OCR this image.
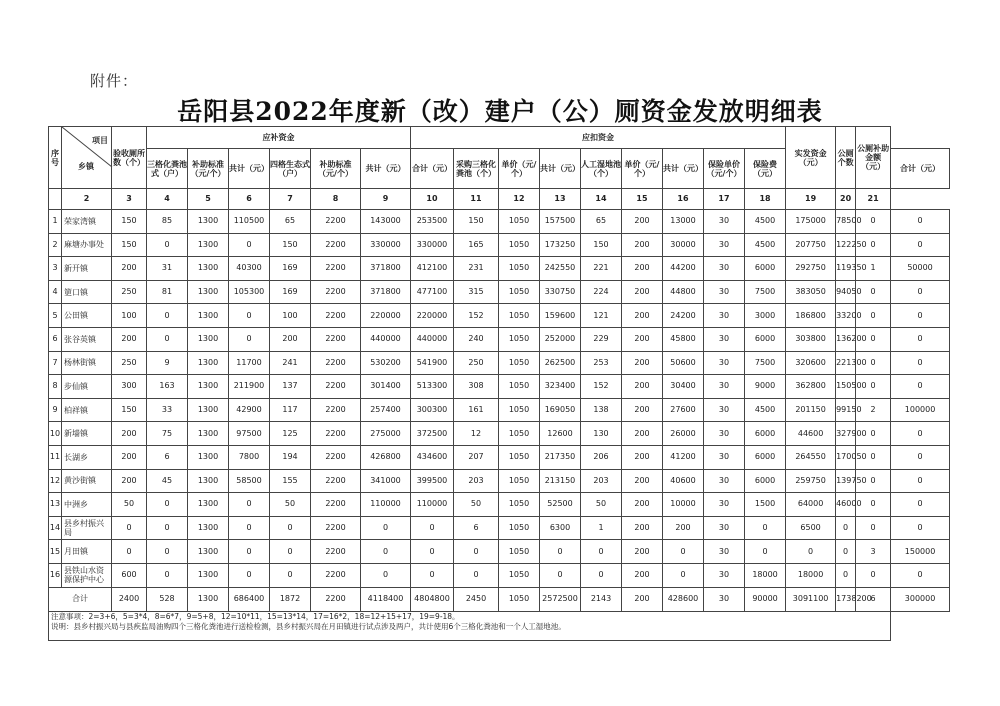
附件：
岳阳县2022年度新（改）建户（公）厕资金发放明细表
序号	项目
乡镇	验收厕所数（个）	应补资金						应扣资金									实发资金（元）	公厕个数	公厕补助金额（元）	
			三格化粪池式（户）	补助标准（元/个）	共计（元）	四格生态式（户）	补助标准（元/个）	共计（元）	合计（元）	采购三格化粪池（个）	单价（元/个）	共计（元）	人工湿地池（个）	单价（元/个）	共计（元）	保险单价（元/个）	保险费（元）				合计（元）
	2	3	4	5	6	7	8	9	10	11	12	13	14	15	16	17	18	19	20	21	
1	荣家湾镇	150	85	1300	110500	65	2200	143000	253500	150	1050	157500	65	200	13000	30	4500	175000	78500	0	0
2	麻塘办事处	150	0	1300	0	150	2200	330000	330000	165	1050	173250	150	200	30000	30	4500	207750	122250	0	0
3	新开镇	200	31	1300	40300	169	2200	371800	412100	231	1050	242550	221	200	44200	30	6000	292750	119350	1	50000
4	筻口镇	250	81	1300	105300	169	2200	371800	477100	315	1050	330750	224	200	44800	30	7500	383050	94050	0	0
5	公田镇	100	0	1300	0	100	2200	220000	220000	152	1050	159600	121	200	24200	30	3000	186800	33200	0	0
6	张谷英镇	200	0	1300	0	200	2200	440000	440000	240	1050	252000	229	200	45800	30	6000	303800	136200	0	0
7	杨林街镇	250	9	1300	11700	241	2200	530200	541900	250	1050	262500	253	200	50600	30	7500	320600	221300	0	0
8	步仙镇	300	163	1300	211900	137	2200	301400	513300	308	1050	323400	152	200	30400	30	9000	362800	150500	0	0
9	柏祥镇	150	33	1300	42900	117	2200	257400	300300	161	1050	169050	138	200	27600	30	4500	201150	99150	2	100000
10	新墙镇	200	75	1300	97500	125	2200	275000	372500	12	1050	12600	130	200	26000	30	6000	44600	327900	0	0
11	长湖乡	200	6	1300	7800	194	2200	426800	434600	207	1050	217350	206	200	41200	30	6000	264550	170050	0	0
12	黄沙街镇	200	45	1300	58500	155	2200	341000	399500	203	1050	213150	203	200	40600	30	6000	259750	139750	0	0
13	中洲乡	50	0	1300	0	50	2200	110000	110000	50	1050	52500	50	200	10000	30	1500	64000	46000	0	0
14	县乡村振兴局	0	0	1300	0	0	2200	0	0	6	1050	6300	1	200	200	30	0	6500	0	0	0
15	月田镇	0	0	1300	0	0	2200	0	0	0	1050	0	0	200	0	30	0	0	0	3	150000
16	县铁山水资源保护中心	600	0	1300	0	0	2200	0	0	0	1050	0	0	200	0	30	18000	18000	0	0	0
合计		2400	528	1300	686400	1872	2200	4118400	4804800	2450	1050	2572500	2143	200	428600	30	90000	3091100	1738200	6	300000

注意事项：2=3+6，5=3*4，8=6*7，9=5+8，12=10*11，15=13*14，17=16*2，18=12+15+17，19=9-18。
说明：县乡村振兴局与县疾监局油购四个三格化粪池进行送检检测，县乡村振兴局在月田镇进行试点涉及两户，共计使用6个三格化粪池和一个人工湿地池。																					
